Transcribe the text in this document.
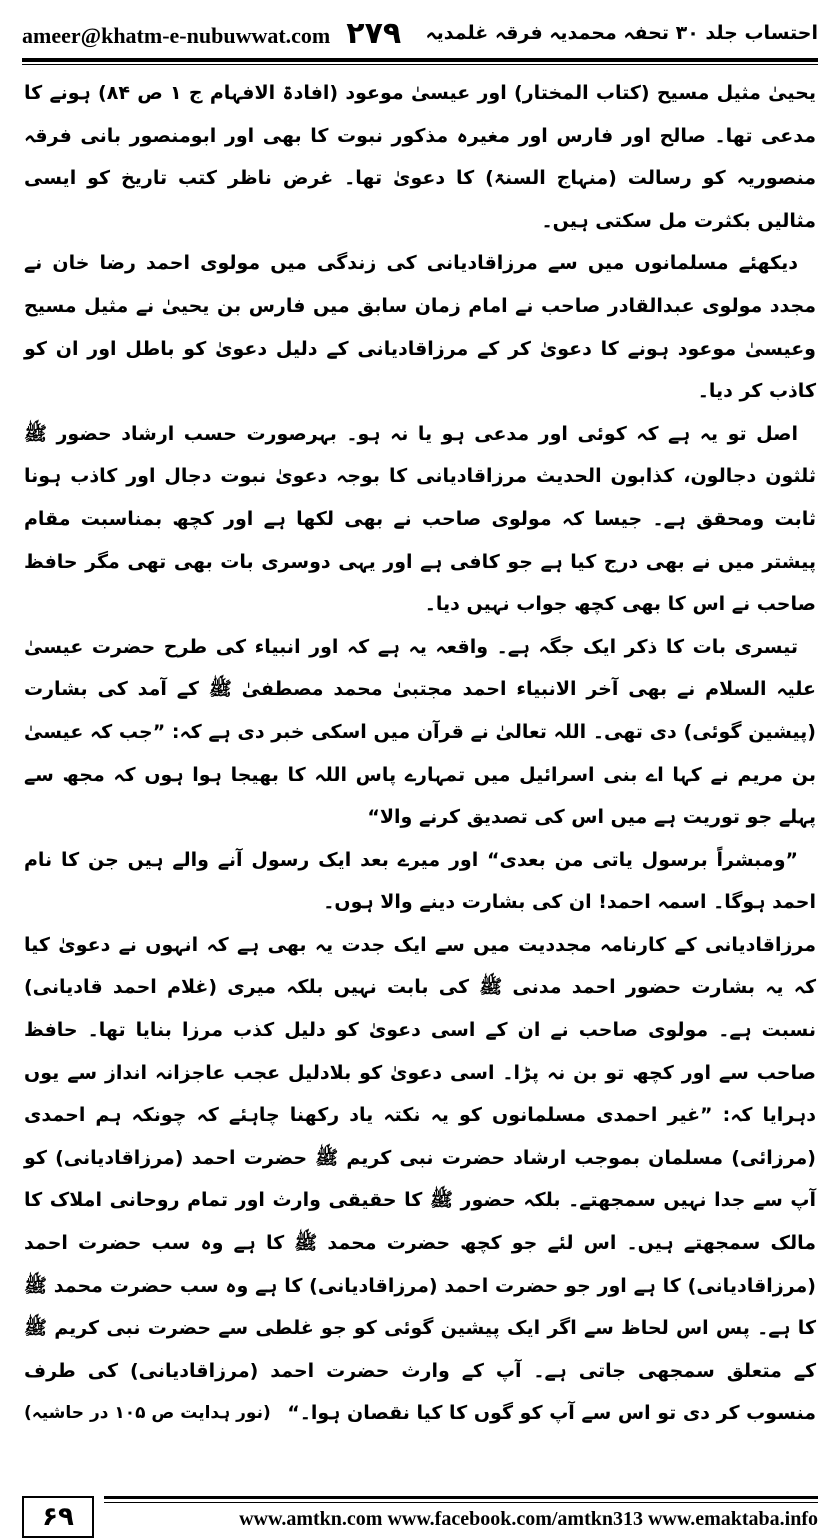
ameer@khatm-e-nubuwwat.com ۲۷۹ احتساب جلد ۳۰ تحفہ محمدیہ فرقہ غلمدیہ

یحییٰ مثیل مسیح (کتاب المختار) اور عیسیٰ موعود (افادۃ الافہام ج ۱ ص ۸۴) ہونے کا مدعی تھا۔ صالح اور فارس اور مغیرہ مذکور نبوت کا بھی اور ابومنصور بانی فرقہ منصوریہ کو رسالت (منہاج السنۃ) کا دعویٰ تھا۔ غرض ناظر کتب تاریخ کو ایسی مثالیں بکثرت مل سکتی ہیں۔

دیکھئے مسلمانوں میں سے مرزاقادیانی کی زندگی میں مولوی احمد رضا خان نے مجدد مولوی عبدالقادر صاحب نے امام زمان سابق میں فارس بن یحییٰ نے مثیل مسیح وعیسیٰ موعود ہونے کا دعویٰ کر کے مرزاقادیانی کے دلیل دعویٰ کو باطل اور ان کو کاذب کر دیا۔

اصل تو یہ ہے کہ کوئی اور مدعی ہو یا نہ ہو۔ بہرصورت حسب ارشاد حضور ﷺ ثلثون دجالون، کذابون الحدیث مرزاقادیانی کا بوجہ دعویٰ نبوت دجال اور کاذب ہونا ثابت ومحقق ہے۔ جیسا کہ مولوی صاحب نے بھی لکھا ہے اور کچھ بمناسبت مقام پیشتر میں نے بھی درج کیا ہے جو کافی ہے اور یہی دوسری بات بھی تھی مگر حافظ صاحب نے اس کا بھی کچھ جواب نہیں دیا۔

تیسری بات کا ذکر ایک جگہ ہے۔ واقعہ یہ ہے کہ اور انبیاء کی طرح حضرت عیسیٰ علیہ السلام نے بھی آخر الانبیاء احمد مجتبیٰ محمد مصطفیٰ ﷺ کے آمد کی بشارت (پیشین گوئی) دی تھی۔ اللہ تعالیٰ نے قرآن میں اسکی خبر دی ہے کہ: ”جب کہ عیسیٰ بن مریم نے کہا اے بنی اسرائیل میں تمہارے پاس اللہ کا بھیجا ہوا ہوں کہ مجھ سے پہلے جو توریت ہے میں اس کی تصدیق کرنے والا“

”ومبشراً برسول یاتی من بعدی“ اور میرے بعد ایک رسول آنے والے ہیں جن کا نام احمد ہوگا۔ اسمہ احمد! ان کی بشارت دینے والا ہوں۔

مرزاقادیانی کے کارنامہ مجددیت میں سے ایک جدت یہ بھی ہے کہ انہوں نے دعویٰ کیا کہ یہ بشارت حضور احمد مدنی ﷺ کی بابت نہیں بلکہ میری (غلام احمد قادیانی) نسبت ہے۔ مولوی صاحب نے ان کے اسی دعویٰ کو دلیل کذب مرزا بنایا تھا۔ حافظ صاحب سے اور کچھ تو بن نہ پڑا۔ اسی دعویٰ کو بلادلیل عجب عاجزانہ انداز سے یوں دہرایا کہ: ”غیر احمدی مسلمانوں کو یہ نکتہ یاد رکھنا چاہئے کہ چونکہ ہم احمدی (مرزائی) مسلمان بموجب ارشاد حضرت نبی کریم ﷺ حضرت احمد (مرزاقادیانی) کو آپ سے جدا نہیں سمجھتے۔ بلکہ حضور ﷺ کا حقیقی وارث اور تمام روحانی املاک کا مالک سمجھتے ہیں۔ اس لئے جو کچھ حضرت محمد ﷺ کا ہے وہ سب حضرت احمد (مرزاقادیانی) کا ہے اور جو حضرت احمد (مرزاقادیانی) کا ہے وہ سب حضرت محمد ﷺ کا ہے۔ پس اس لحاظ سے اگر ایک پیشین گوئی کو جو غلطی سے حضرت نبی کریم ﷺ کے متعلق سمجھی جاتی ہے۔ آپ کے وارث حضرت احمد (مرزاقادیانی) کی طرف منسوب کر دی تو اس سے آپ کو گوں کا کیا نقصان ہوا۔“
(نور ہدایت ص ۱۰۵ در حاشیہ)

۶۹	www.amtkn.com www.facebook.com/amtkn313 www.emaktaba.info
